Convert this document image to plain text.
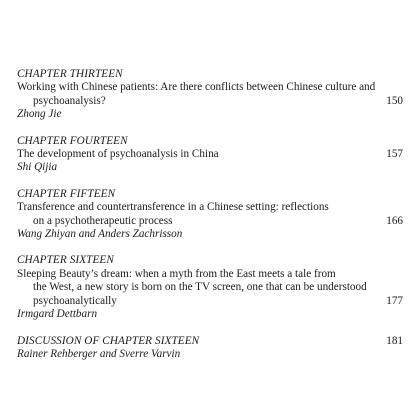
CHAPTER THIRTEEN
Working with Chinese patients: Are there conflicts between Chinese culture and
psychoanalysis?	150
Zhong Jie
CHAPTER FOURTEEN
The development of psychoanalysis in China	157
Shi Qijia
CHAPTER FIFTEEN
Transference and countertransference in a Chinese setting: reflections
on a psychotherapeutic process	166
Wang Zhiyan and Anders Zachrisson
CHAPTER SIXTEEN
Sleeping Beauty’s dream: when a myth from the East meets a tale from
the West, a new story is born on the TV screen, one that can be understood
psychoanalytically	177
Irmgard Dettbarn
DISCUSSION OF CHAPTER SIXTEEN	181
Rainer Rehberger and Sverre Varvin
